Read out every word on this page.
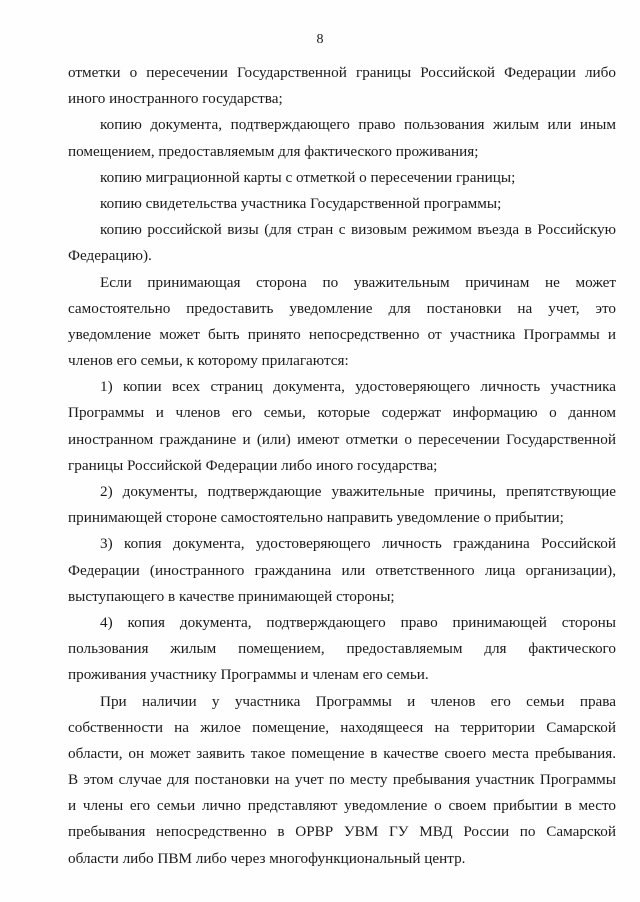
8
отметки о пересечении Государственной границы Российской Федерации либо
иного иностранного государства;
копию документа, подтверждающего право пользования жилым или иным
помещением, предоставляемым для фактического проживания;
копию миграционной карты с отметкой о пересечении границы;
копию свидетельства участника Государственной программы;
копию российской визы (для стран с визовым режимом въезда в Российскую
Федерацию).
Если принимающая сторона по уважительным причинам не может
самостоятельно предоставить уведомление для постановки на учет, это
уведомление может быть принято непосредственно от участника Программы и
членов его семьи, к которому прилагаются:
1) копии всех страниц документа, удостоверяющего личность участника
Программы и членов его семьи, которые содержат информацию о данном
иностранном гражданине и (или) имеют отметки о пересечении Государственной
границы Российской Федерации либо иного государства;
2) документы, подтверждающие уважительные причины, препятствующие
принимающей стороне самостоятельно направить уведомление о прибытии;
3) копия документа, удостоверяющего личность гражданина Российской
Федерации (иностранного гражданина или ответственного лица организации),
выступающего в качестве принимающей стороны;
4) копия документа, подтверждающего право принимающей стороны
пользования жилым помещением, предоставляемым для фактического
проживания участнику Программы и членам его семьи.
При наличии у участника Программы и членов его семьи права
собственности на жилое помещение, находящееся на территории Самарской
области, он может заявить такое помещение в качестве своего места пребывания.
В этом случае для постановки на учет по месту пребывания участник Программы
и члены его семьи лично представляют уведомление о своем прибытии в место
пребывания непосредственно в ОРВР УВМ ГУ МВД России по Самарской
области либо ПВМ либо через многофункциональный центр.
